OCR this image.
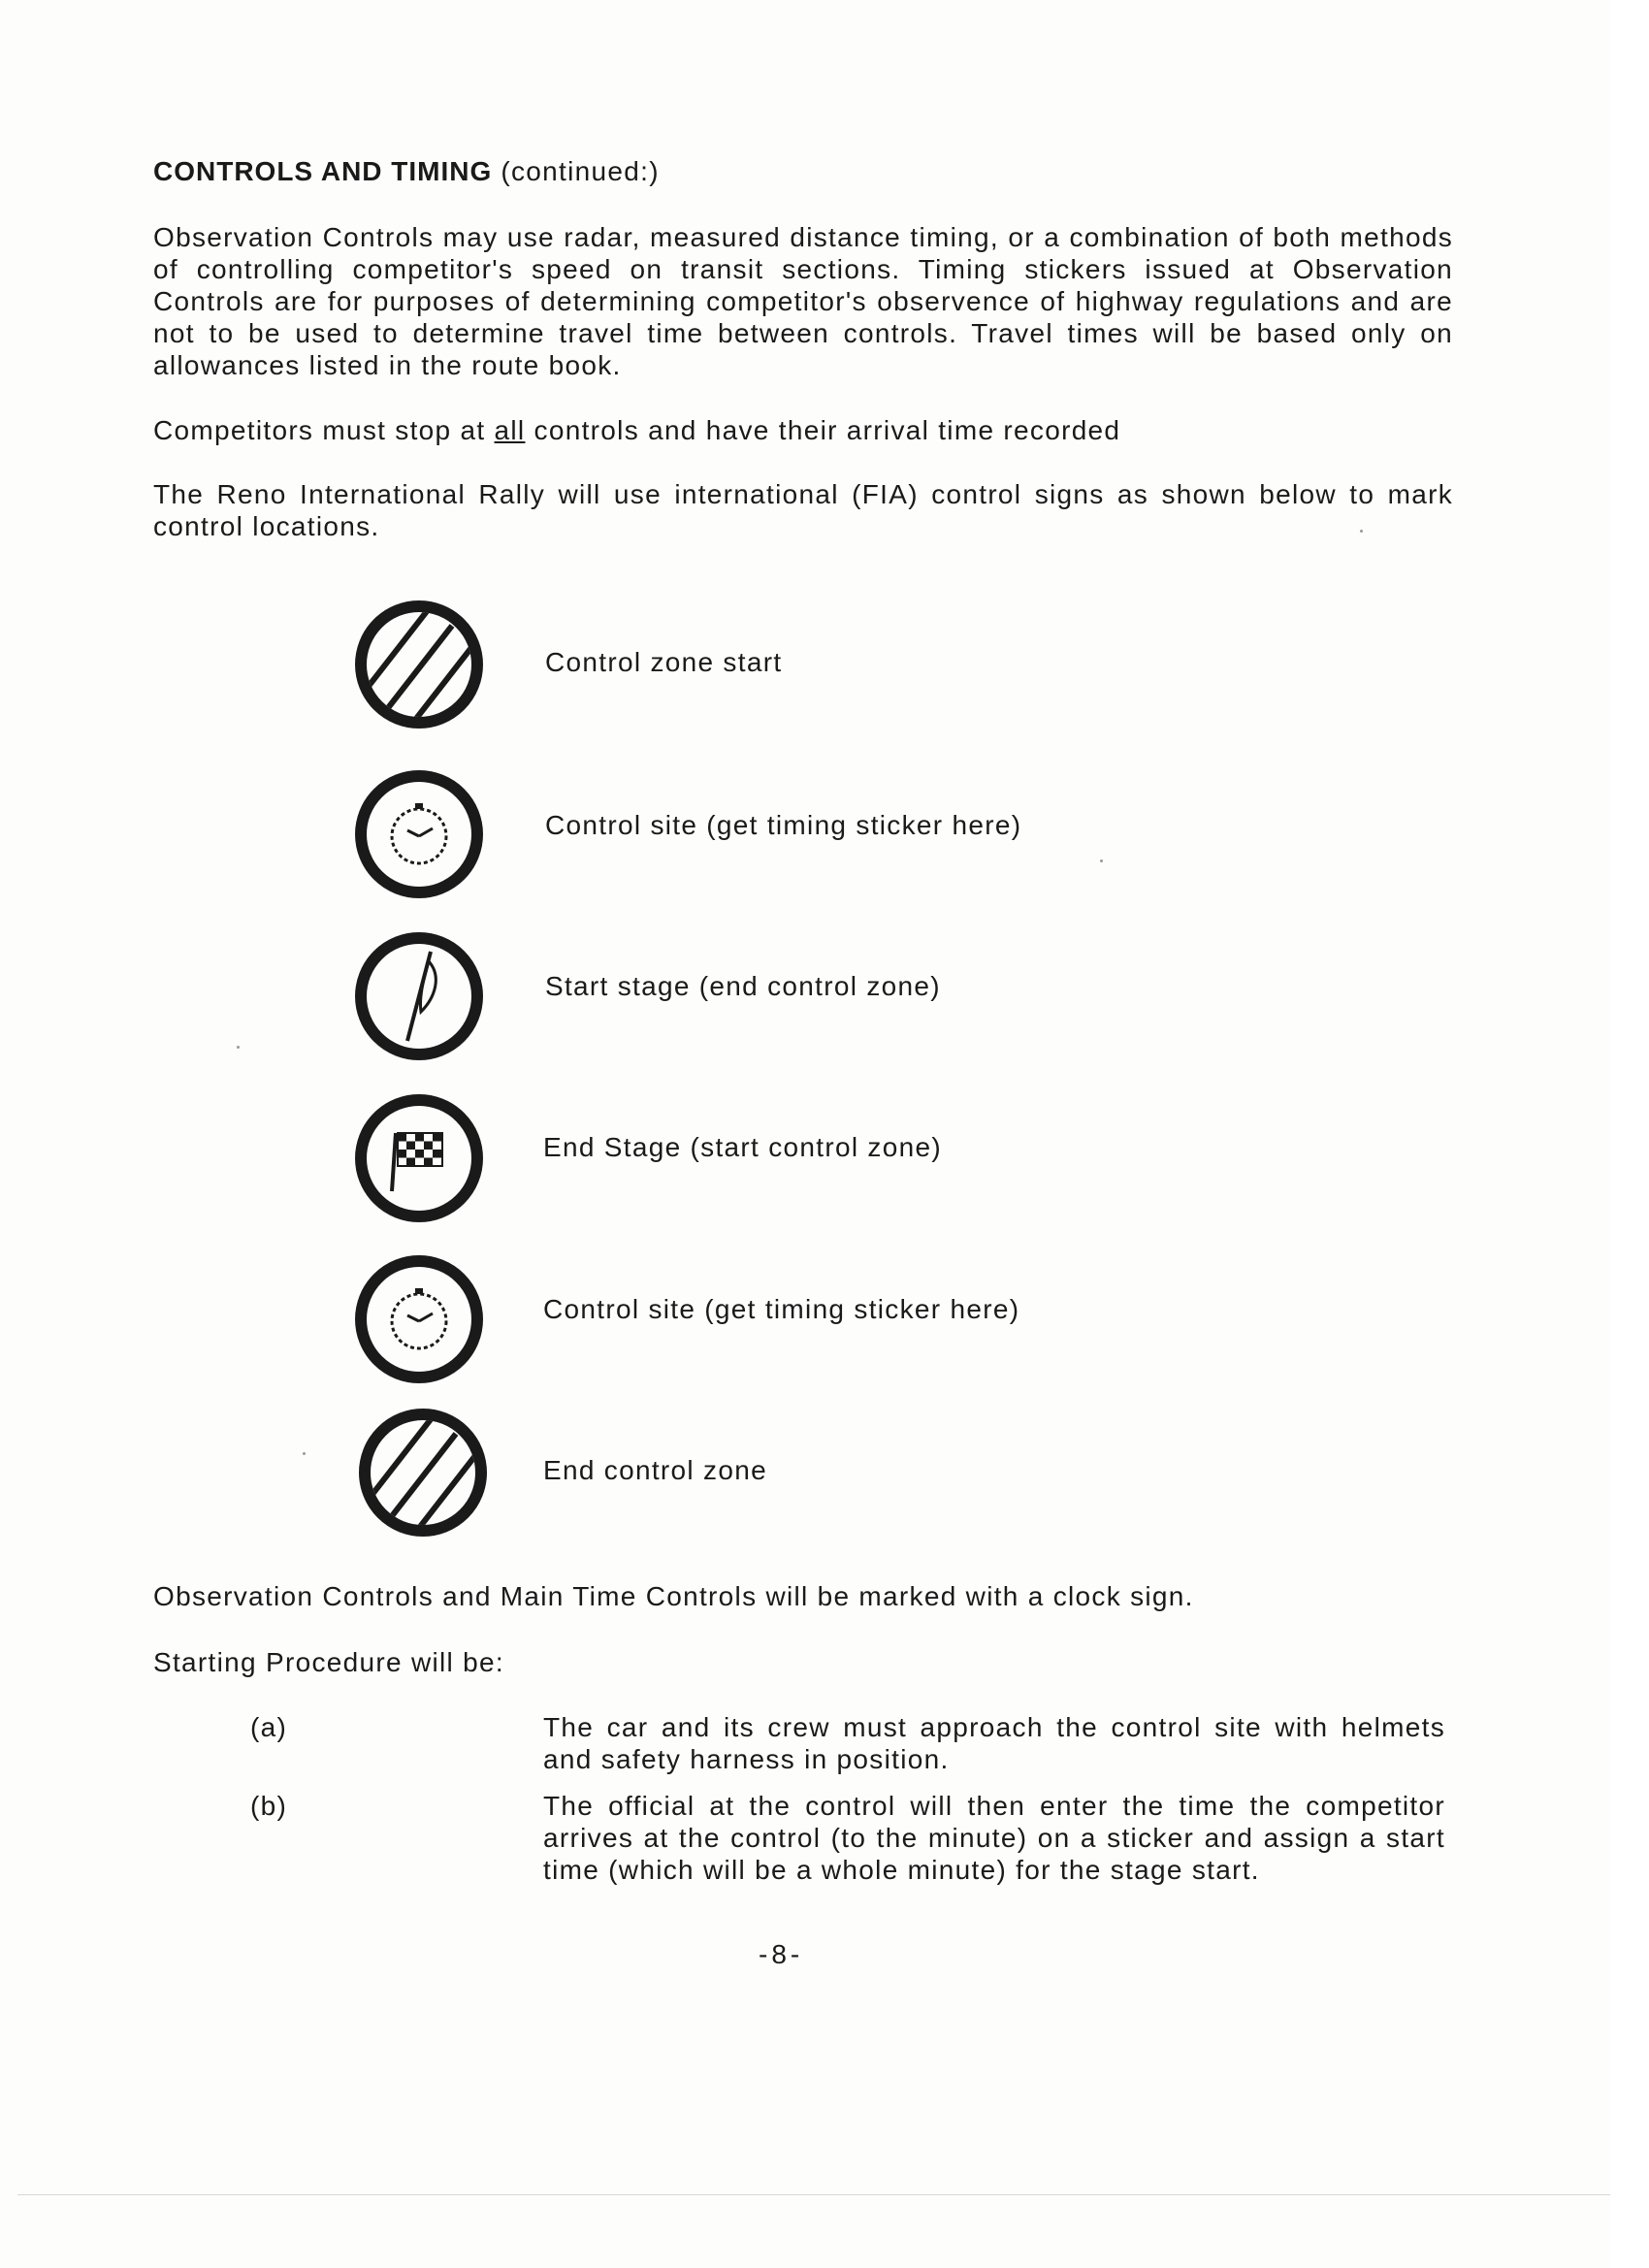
CONTROLS AND TIMING (continued:)

Observation Controls may use radar, measured distance timing, or a combination of both methods of controlling competitor's speed on transit sections. Timing stickers issued at Observation Controls are for purposes of determining competitor's observence of highway regulations and are not to be used to determine travel time between controls. Travel times will be based only on allowances listed in the route book.

Competitors must stop at all controls and have their arrival time recorded

The Reno International Rally will use international (FIA) control signs as shown below to mark control locations.

Control zone start
Control site (get timing sticker here)
Start stage (end control zone)
End Stage (start control zone)
Control site (get timing sticker here)
End control zone

Observation Controls and Main Time Controls will be marked with a clock sign.

Starting Procedure will be:

(a)	The car and its crew must approach the control site with helmets and safety harness in position.
(b)	The official at the control will then enter the time the competitor arrives at the control (to the minute) on a sticker and assign a start time (which will be a whole minute) for the stage start.
-8-
